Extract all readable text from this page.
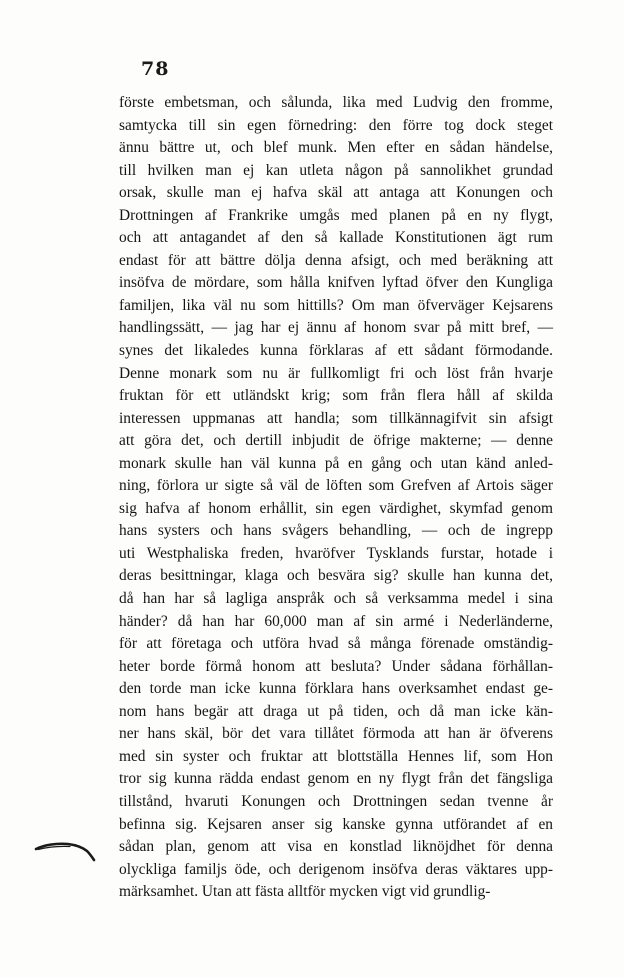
78
förste embetsman, och sålunda, lika med Ludvig den fromme,
samtycka till sin egen förnedring: den förre tog dock steget
ännu bättre ut, och blef munk. Men efter en sådan händelse,
till hvilken man ej kan utleta någon på sannolikhet grundad
orsak, skulle man ej hafva skäl att antaga att Konungen och
Drottningen af Frankrike umgås med planen på en ny flygt,
och att antagandet af den så kallade Konstitutionen ägt rum
endast för att bättre dölja denna afsigt, och med beräkning att
insöfva de mördare, som hålla knifven lyftad öfver den Kungliga
familjen, lika väl nu som hittills? Om man öfverväger Kejsarens
handlingssätt, — jag har ej ännu af honom svar på mitt bref, —
synes det likaledes kunna förklaras af ett sådant förmodande.
Denne monark som nu är fullkomligt fri och löst från hvarje
fruktan för ett utländskt krig; som från flera håll af skilda
interessen uppmanas att handla; som tillkännagifvit sin afsigt
att göra det, och dertill inbjudit de öfrige makterne; — denne
monark skulle han väl kunna på en gång och utan känd anled-
ning, förlora ur sigte så väl de löften som Grefven af Artois säger
sig hafva af honom erhållit, sin egen värdighet, skymfad genom
hans systers och hans svågers behandling, — och de ingrepp
uti Westphaliska freden, hvaröfver Tysklands furstar, hotade i
deras besittningar, klaga och besvära sig? skulle han kunna det,
då han har så lagliga anspråk och så verksamma medel i sina
händer? då han har 60,000 man af sin armé i Nederländerne,
för att företaga och utföra hvad så många förenade omständig-
heter borde förmå honom att besluta? Under sådana förhållan-
den torde man icke kunna förklara hans overksamhet endast ge-
nom hans begär att draga ut på tiden, och då man icke kän-
ner hans skäl, bör det vara tillåtet förmoda att han är öfverens
med sin syster och fruktar att blottställa Hennes lif, som Hon
tror sig kunna rädda endast genom en ny flygt från det fängsliga
tillstånd, hvaruti Konungen och Drottningen sedan tvenne år
befinna sig. Kejsaren anser sig kanske gynna utförandet af en
sådan plan, genom att visa en konstlad liknöjdhet för denna
olyckliga familjs öde, och derigenom insöfva deras väktares upp-
märksamhet. Utan att fästa alltför mycken vigt vid grundlig-
